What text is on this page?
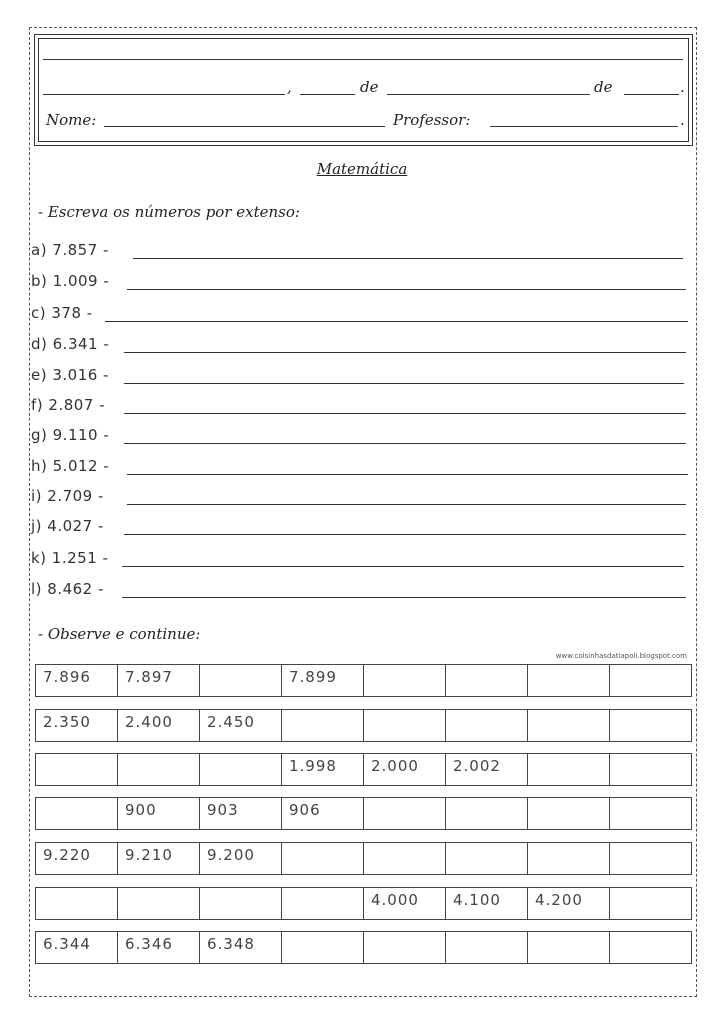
,	de	de	.
Nome:	Professor:	.
Matemática
- Escreva os números por extenso:
a) 7.857 -
b) 1.009 -
c) 378 -
d) 6.341 -
e) 3.016 -
f) 2.807 -
g) 9.110 -
h) 5.012 -
i) 2.709 -
j) 4.027 -
k) 1.251 -
l) 8.462 -
- Observe e continue:
www.colsinhasdatiapoli.blogspot.com
7.896	7.897		7.899				
2.350	2.400	2.450					
			1.998	2.000	2.002		
	900	903	906				
9.220	9.210	9.200					
				4.000	4.100	4.200	
6.344	6.346	6.348					
